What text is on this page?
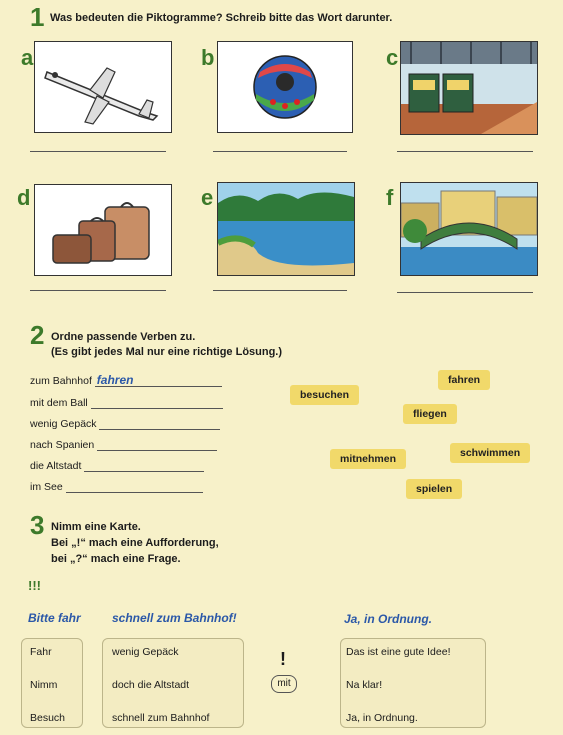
1 Was bedeuten die Piktogramme? Schreib bitte das Wort darunter.
a	b	c
d	e	f
2 Ordne passende Verben zu.
(Es gibt jedes Mal nur eine richtige Lösung.)
zum Bahnhof fahren
mit dem Ball
wenig Gepäck
nach Spanien
die Altstadt
im See
besuchen
fahren
fliegen
mitnehmen	schwimmen
spielen
3 Nimm eine Karte.
Bei „!“ mach eine Aufforderung,
bei „?“ mach eine Frage.
!!!
Bitte fahr	schnell zum Bahnhof!	Ja, in Ordnung.
Fahr
Nimm
Besuch
wenig Gepäck
doch die Altstadt
schnell zum Bahnhof
!
mit
Das ist eine gute Idee!
Na klar!
Ja, in Ordnung.
